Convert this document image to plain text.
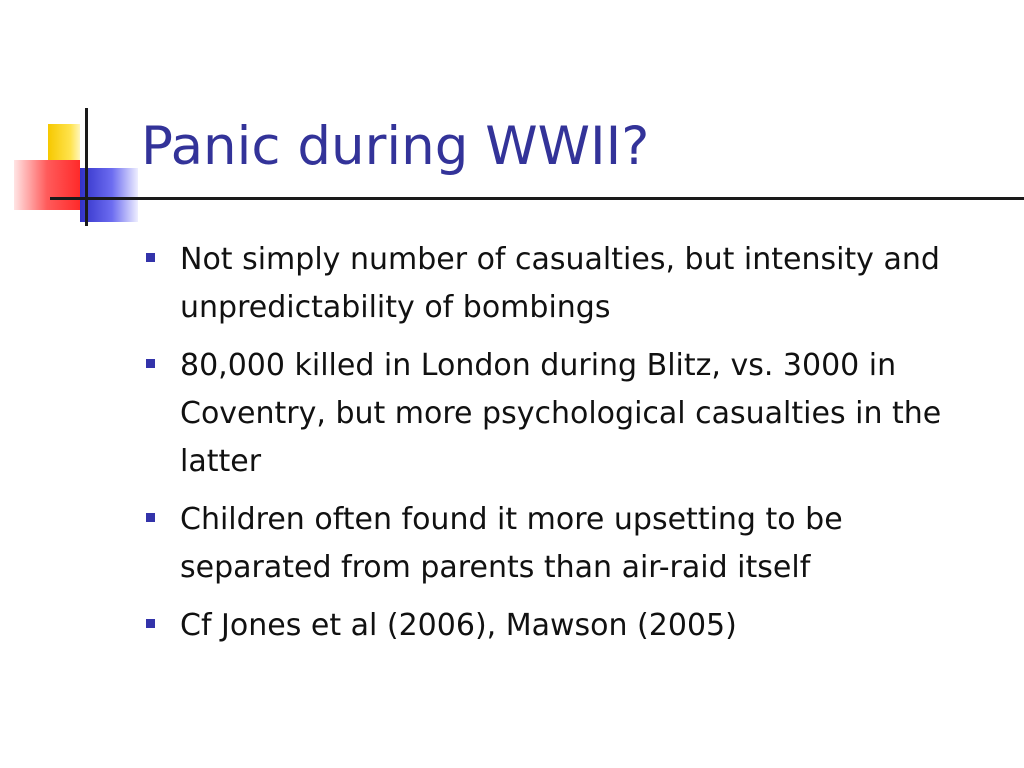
Panic during WWII?
Not simply number of casualties, but intensity and unpredictability of bombings
80,000 killed in London during Blitz, vs. 3000 in Coventry, but more psychological casualties in the latter
Children often found it more upsetting to be separated from parents than air-raid itself
Cf Jones et al (2006), Mawson (2005)
